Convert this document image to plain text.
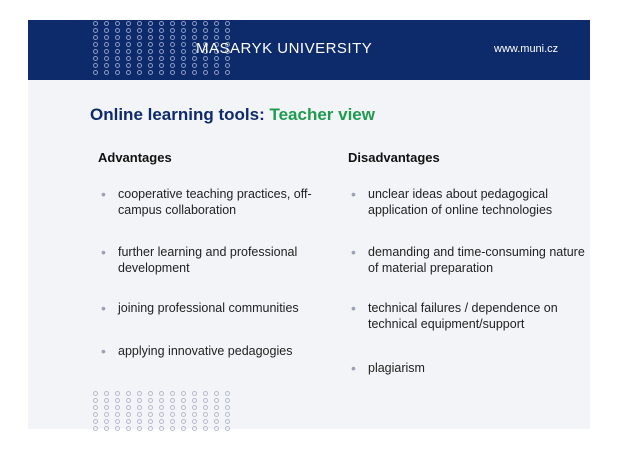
MASARYK UNIVERSITY	www.muni.cz
Online learning tools: Teacher view
Advantages	Disadvantages
• cooperative teaching practices, off-campus collaboration
• further learning and professional development
• joining professional communities
• applying innovative pedagogies
• unclear ideas about pedagogical application of online technologies
• demanding and time-consuming nature of material preparation
• technical failures / dependence on technical equipment/support
• plagiarism
